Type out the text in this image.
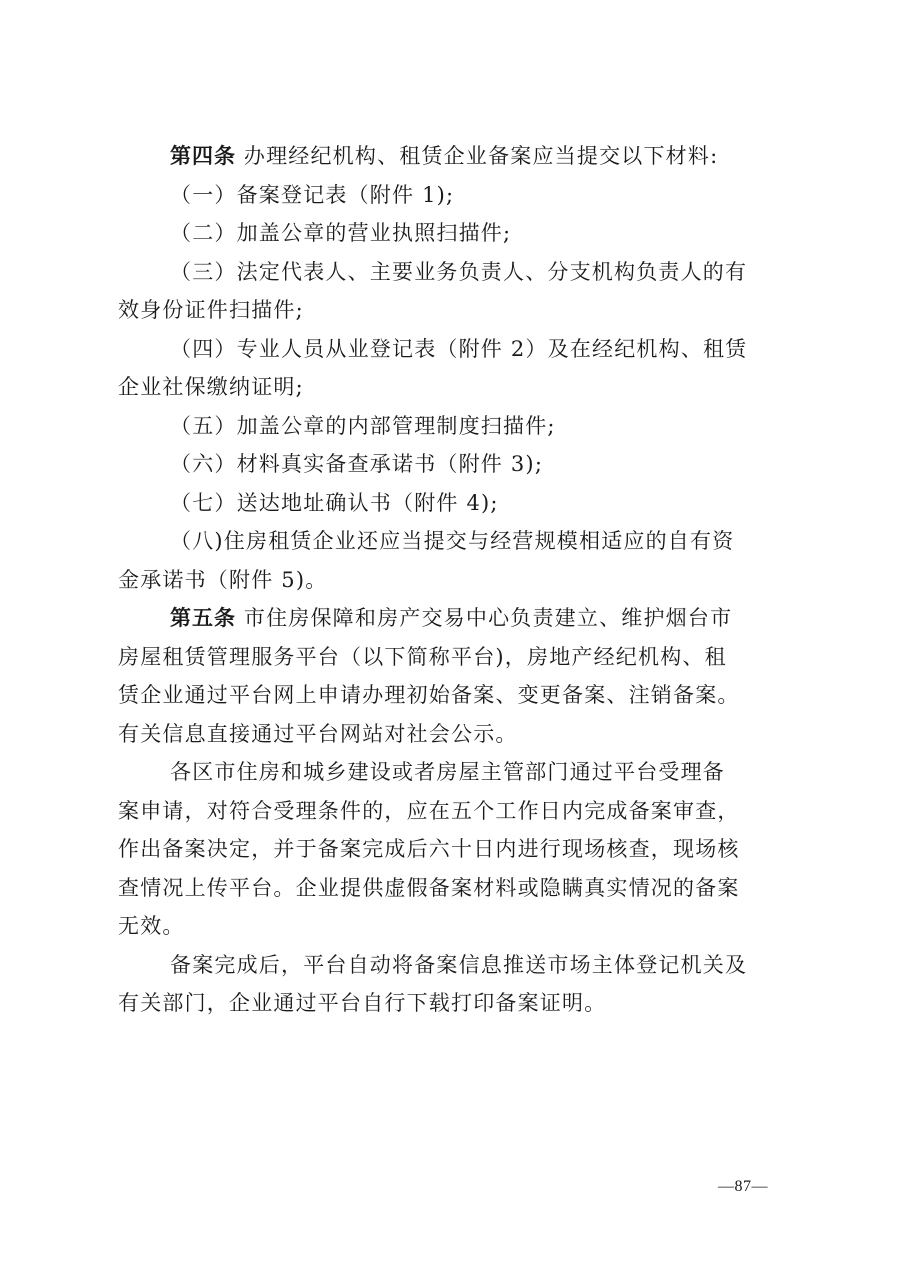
第四条 办理经纪机构、租赁企业备案应当提交以下材料:
（一）备案登记表（附件 1);
（二）加盖公章的营业执照扫描件;
（三）法定代表人、主要业务负责人、分支机构负责人的有
效身份证件扫描件;
（四）专业人员从业登记表（附件 2）及在经纪机构、租赁
企业社保缴纳证明;
（五）加盖公章的内部管理制度扫描件;
（六）材料真实备查承诺书（附件 3);
（七）送达地址确认书（附件 4);
（八)住房租赁企业还应当提交与经营规模相适应的自有资
金承诺书（附件 5)。
第五条 市住房保障和房产交易中心负责建立、维护烟台市
房屋租赁管理服务平台（以下简称平台)，房地产经纪机构、租
赁企业通过平台网上申请办理初始备案、变更备案、注销备案。
有关信息直接通过平台网站对社会公示。
各区市住房和城乡建设或者房屋主管部门通过平台受理备
案申请，对符合受理条件的，应在五个工作日内完成备案审查，
作出备案决定，并于备案完成后六十日内进行现场核查，现场核
查情况上传平台。企业提供虚假备案材料或隐瞒真实情况的备案
无效。
备案完成后，平台自动将备案信息推送市场主体登记机关及
有关部门，企业通过平台自行下载打印备案证明。
—87—
